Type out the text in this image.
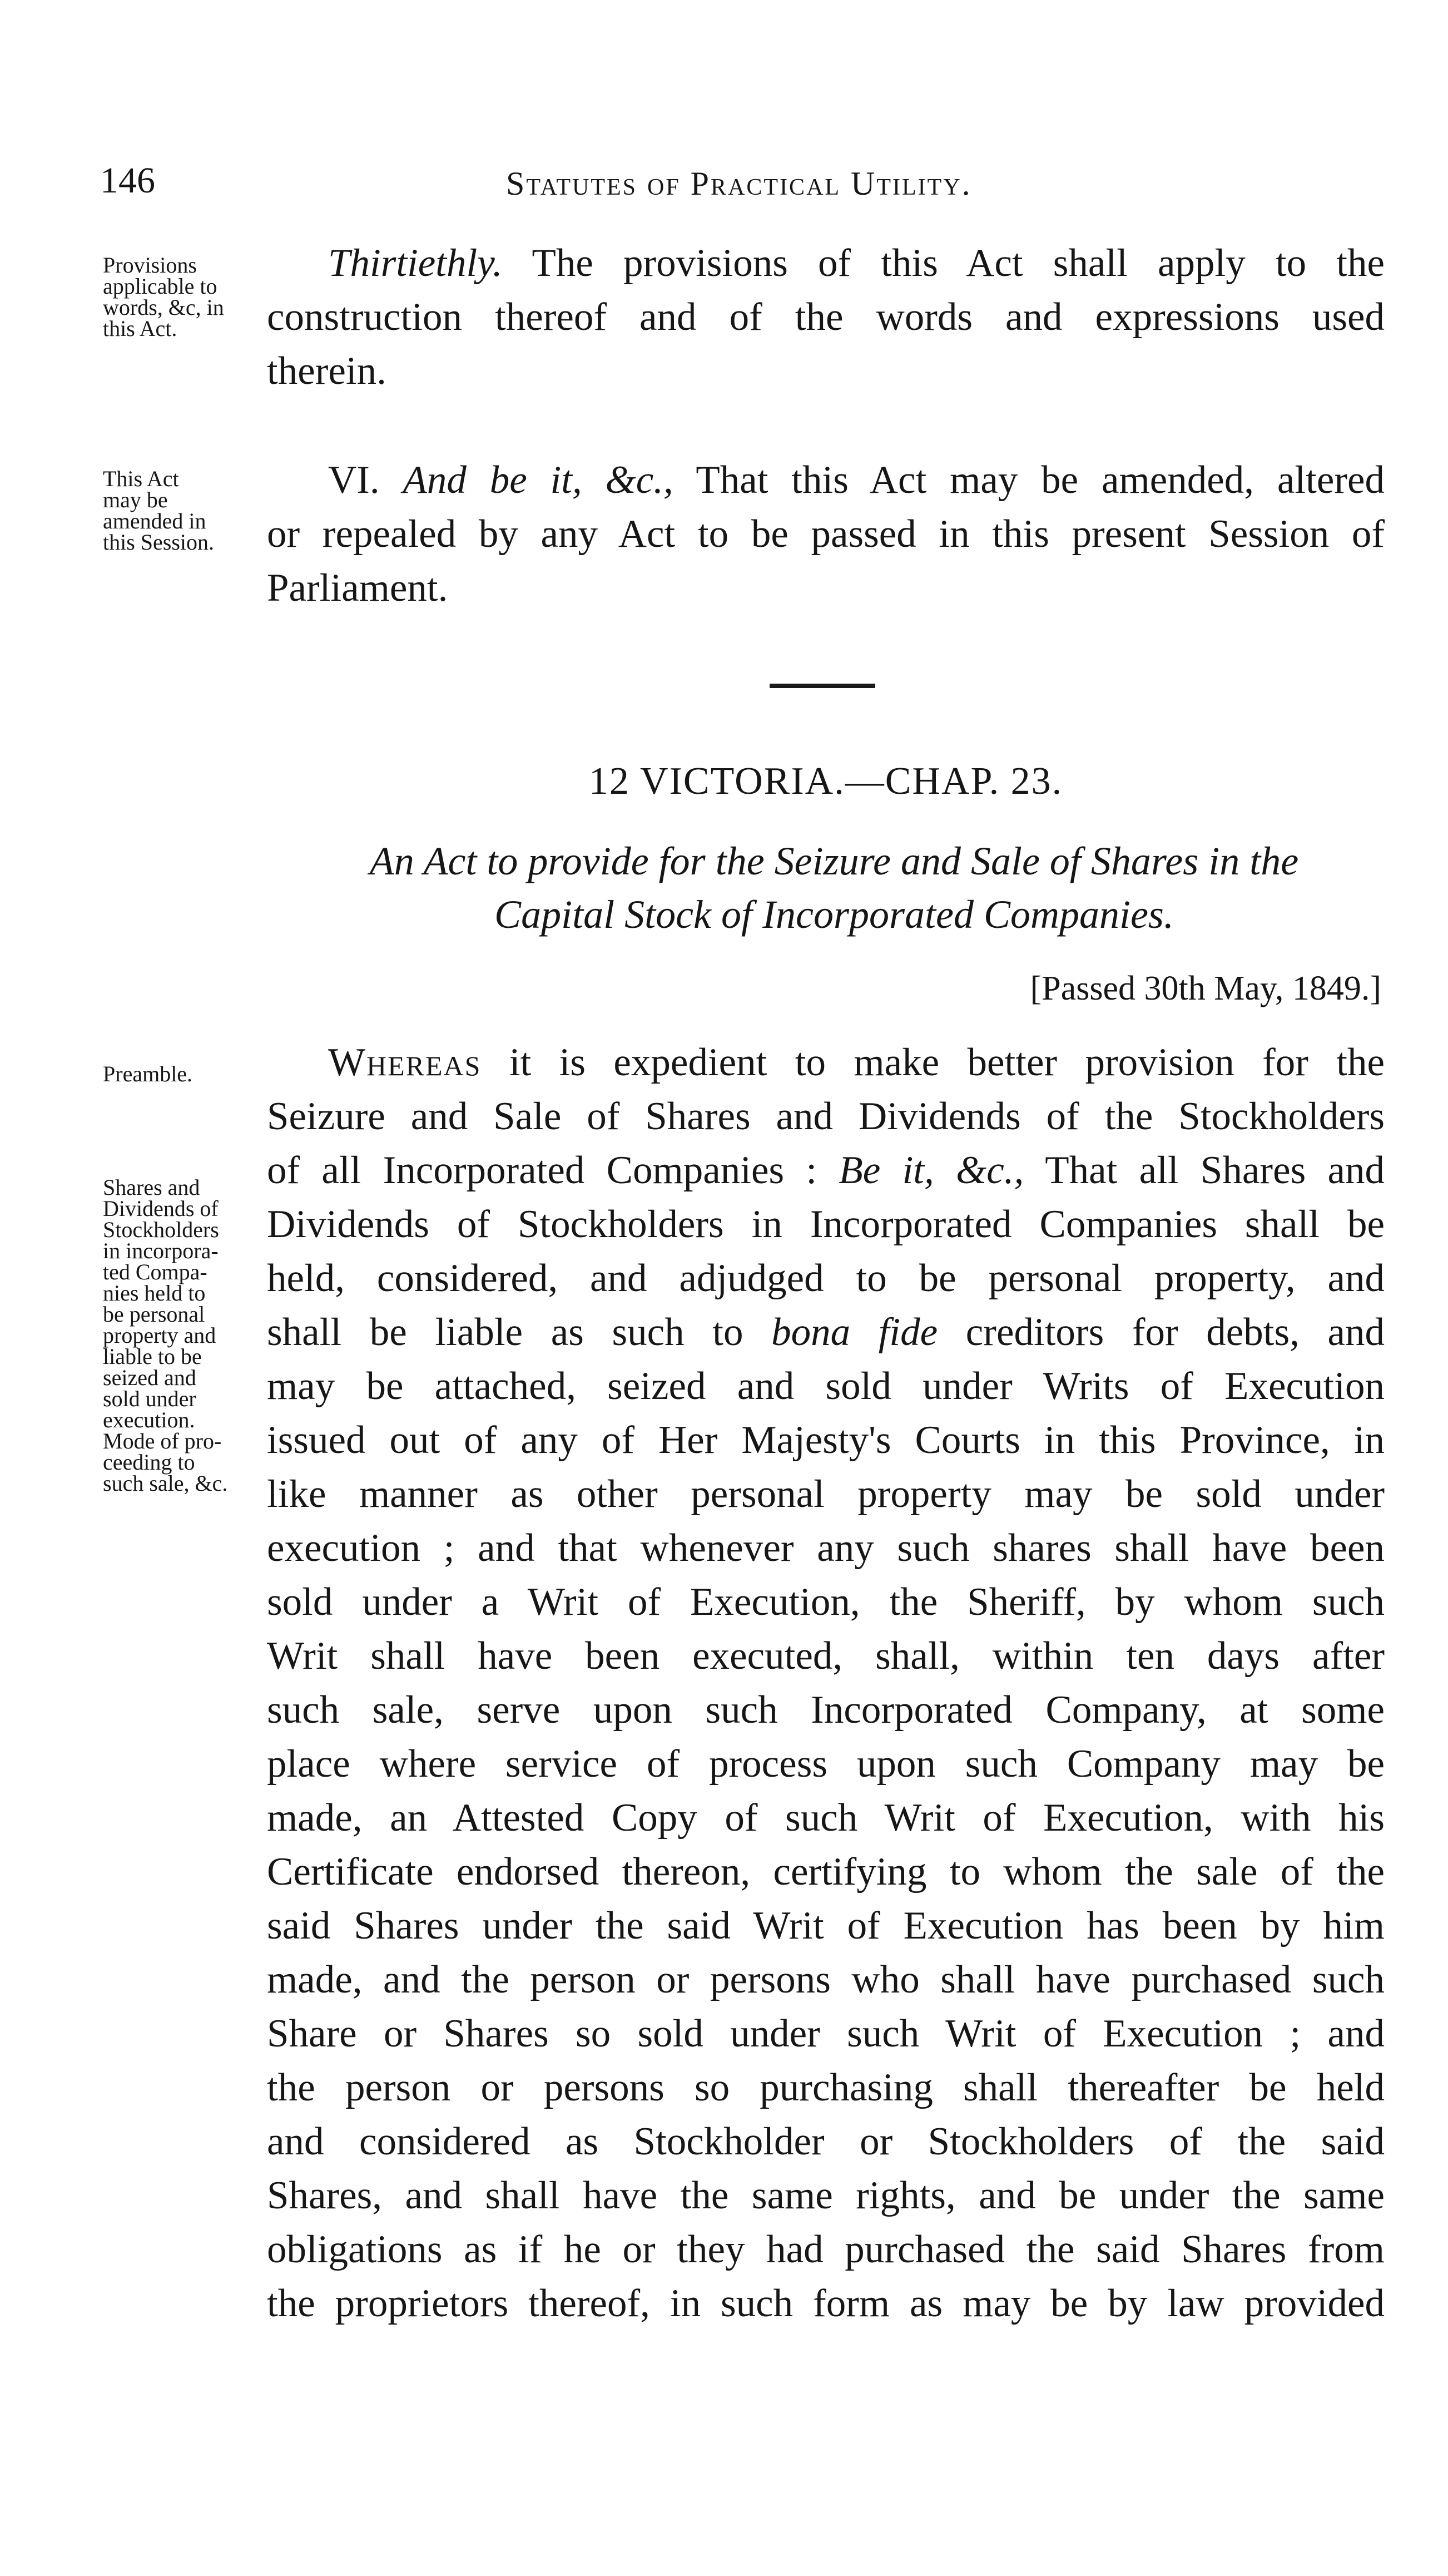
146	Statutes of Practical Utility.
Provisions
applicable to
words, &c, in
this Act.
Thirtiethly. The provisions of this Act shall apply to the
construction thereof and of the words and expressions used
therein.
This Act
may be
amended in
this Session.
VI. And be it, &c., That this Act may be amended, altered
or repealed by any Act to be passed in this present Session of
Parliament.
12 VICTORIA.—CHAP. 23.
An Act to provide for the Seizure and Sale of Shares in the
Capital Stock of Incorporated Companies.
[Passed 30th May, 1849.]
Preamble.
Shares and
Dividends of
Stockholders
in incorpora-
ted Compa-
nies held to
be personal
property and
liable to be
seized and
sold under
execution.
Mode of pro-
ceeding to
such sale, &c.
Whereas it is expedient to make better provision for the
Seizure and Sale of Shares and Dividends of the Stockholders
of all Incorporated Companies : Be it, &c., That all Shares and
Dividends of Stockholders in Incorporated Companies shall be
held, considered, and adjudged to be personal property, and
shall be liable as such to bona fide creditors for debts, and
may be attached, seized and sold under Writs of Execution
issued out of any of Her Majesty's Courts in this Province, in
like manner as other personal property may be sold under
execution ; and that whenever any such shares shall have been
sold under a Writ of Execution, the Sheriff, by whom such
Writ shall have been executed, shall, within ten days after
such sale, serve upon such Incorporated Company, at some
place where service of process upon such Company may be
made, an Attested Copy of such Writ of Execution, with his
Certificate endorsed thereon, certifying to whom the sale of the
said Shares under the said Writ of Execution has been by him
made, and the person or persons who shall have purchased such
Share or Shares so sold under such Writ of Execution ; and
the person or persons so purchasing shall thereafter be held
and considered as Stockholder or Stockholders of the said
Shares, and shall have the same rights, and be under the same
obligations as if he or they had purchased the said Shares from
the proprietors thereof, in such form as may be by law provided
